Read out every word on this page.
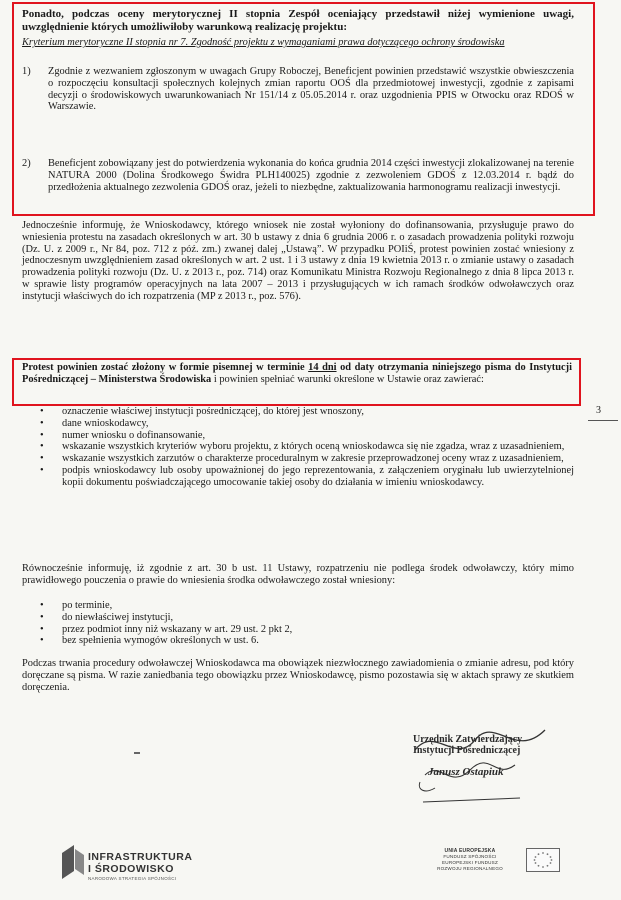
Ponadto, podczas oceny merytorycznej II stopnia Zespół oceniający przedstawił niżej wymienione uwagi, uwzględnienie których umożliwiłoby warunkową realizację projektu:

Kryterium merytoryczne II stopnia nr 7. Zgodność projektu z wymaganiami prawa dotyczącego ochrony środowiska

1) Zgodnie z wezwaniem zgłoszonym w uwagach Grupy Roboczej, Beneficjent powinien przedstawić wszystkie obwieszczenia o rozpoczęciu konsultacji społecznych kolejnych zmian raportu OOŚ dla przedmiotowej inwestycji, zgodnie z zapisami decyzji o środowiskowych uwarunkowaniach Nr 151/14 z 05.05.2014 r. oraz uzgodnienia PPIS w Otwocku oraz RDOŚ w Warszawie.

2) Beneficjent zobowiązany jest do potwierdzenia wykonania do końca grudnia 2014 części inwestycji zlokalizowanej na terenie NATURA 2000 (Dolina Środkowego Świdra PLH140025) zgodnie z zezwoleniem GDOŚ z 12.03.2014 r. bądź do przedłożenia aktualnego zezwolenia GDOŚ oraz, jeżeli to niezbędne, zaktualizowania harmonogramu realizacji inwestycji.

Jednocześnie informuję, że Wnioskodawcy, którego wniosek nie został wyłoniony do dofinansowania, przysługuje prawo do wniesienia protestu na zasadach określonych w art. 30 b ustawy z dnia 6 grudnia 2006 r. o zasadach prowadzenia polityki rozwoju (Dz. U. z 2009 r., Nr 84, poz. 712 z póź. zm.) zwanej dalej „Ustawą”. W przypadku POIiŚ, protest powinien zostać wniesiony z jednoczesnym uwzględnieniem zasad określonych w art. 2 ust. 1 i 3 ustawy z dnia 19 kwietnia 2013 r. o zmianie ustawy o zasadach prowadzenia polityki rozwoju (Dz. U. z 2013 r., poz. 714) oraz Komunikatu Ministra Rozwoju Regionalnego z dnia 8 lipca 2013 r. w sprawie listy programów operacyjnych na lata 2007 – 2013 i przysługujących w ich ramach środków odwoławczych oraz instytucji właściwych do ich rozpatrzenia (MP z 2013 r., poz. 576).

Protest powinien zostać złożony w formie pisemnej w terminie 14 dni od daty otrzymania niniejszego pisma do Instytucji Pośredniczącej – Ministerstwa Środowiska i powinien spełniać warunki określone w Ustawie oraz zawierać:

• oznaczenie właściwej instytucji pośredniczącej, do której jest wnoszony,
• dane wnioskodawcy,
• numer wniosku o dofinansowanie,
• wskazanie wszystkich kryteriów wyboru projektu, z których oceną wnioskodawca się nie zgadza, wraz z uzasadnieniem,
• wskazanie wszystkich zarzutów o charakterze proceduralnym w zakresie przeprowadzonej oceny wraz z uzasadnieniem,
• podpis wnioskodawcy lub osoby upoważnionej do jego reprezentowania, z załączeniem oryginału lub uwierzytelnionej kopii dokumentu poświadczającego umocowanie takiej osoby do działania w imieniu wnioskodawcy.

Równocześnie informuję, iż zgodnie z art. 30 b ust. 11 Ustawy, rozpatrzeniu nie podlega środek odwoławczy, który mimo prawidłowego pouczenia o prawie do wniesienia środka odwoławczego został wniesiony:

• po terminie,
• do niewłaściwej instytucji,
• przez podmiot inny niż wskazany w art. 29 ust. 2 pkt 2,
• bez spełnienia wymogów określonych w ust. 6.

Podczas trwania procedury odwoławczej Wnioskodawca ma obowiązek niezwłocznego zawiadomienia o zmianie adresu, pod który doręczane są pisma. W razie zaniedbania tego obowiązku przez Wnioskodawcę, pismo pozostawia się w aktach sprawy ze skutkiem doręczenia.

3
Urzędnik Zatwierdzający
Instytucji Pośredniczącej
Janusz Ostapiuk
INFRASTRUKTURA
I ŚRODOWISKO
NARODOWA STRATEGIA SPÓJNOŚCI
UNIA EUROPEJSKA
FUNDUSZ SPÓJNOŚCI
EUROPEJSKI FUNDUSZ
ROZWOJU REGIONALNEGO
